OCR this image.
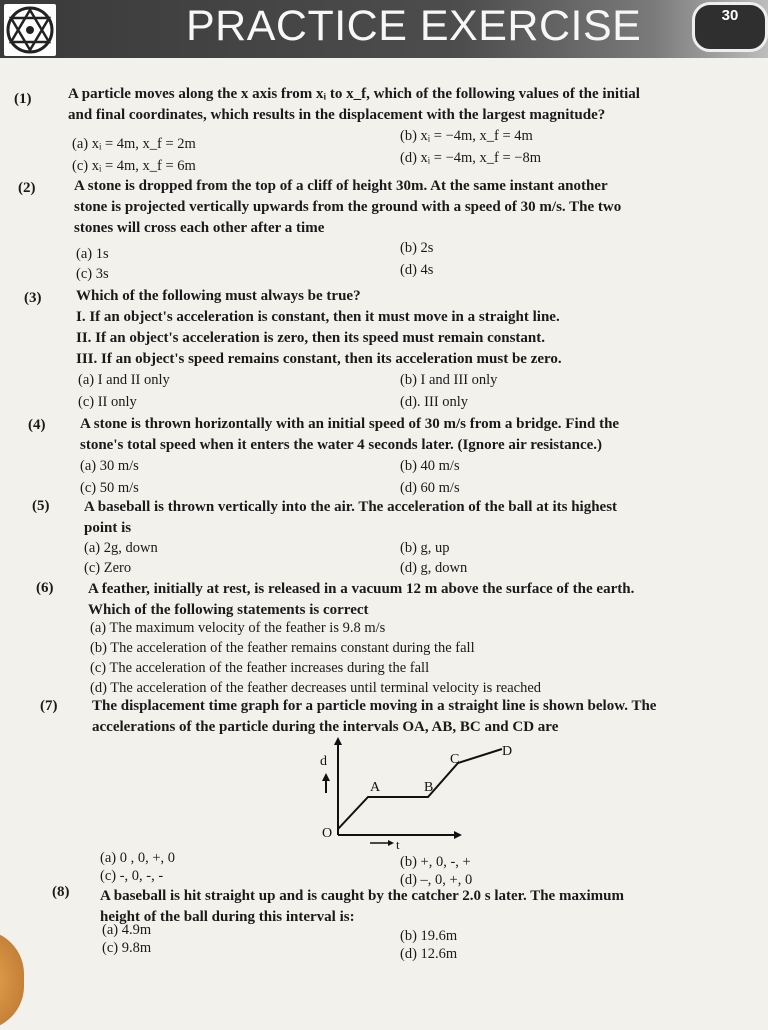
PRACTICE EXERCISE	30
(1) A particle moves along the x axis from xᵢ to x_f, which of the following values of the initial
and final coordinates, which results in the displacement with the largest magnitude?
(a) xᵢ = 4m, x_f = 2m	(b) xᵢ = −4m, x_f = 4m
(c) xᵢ = 4m, x_f = 6m	(d) xᵢ = −4m, x_f = −8m
(2)	A stone is dropped from the top of a cliff of height 30m. At the same instant another
stone is projected vertically upwards from the ground with a speed of 30 m/s. The two
stones will cross each other after a time
(a) 1s	(b) 2s
(c) 3s	(d) 4s
(3) Which of the following must always be true?
I. If an object's acceleration is constant, then it must move in a straight line.
II. If an object's acceleration is zero, then its speed must remain constant.
III. If an object's speed remains constant, then its acceleration must be zero.
(a) I and II only	(b) I and III only
(c) II only	(d). III only
(4) A stone is thrown horizontally with an initial speed of 30 m/s from a bridge. Find the
stone's total speed when it enters the water 4 seconds later. (Ignore air resistance.)
(a) 30 m/s	(b) 40 m/s
(c) 50 m/s	(d) 60 m/s
(5) A baseball is thrown vertically into the air. The acceleration of the ball at its highest
point is
(a) 2g, down	(b) g, up
(c) Zero	(d) g, down
(6) A feather, initially at rest, is released in a vacuum 12 m above the surface of the earth.
Which of the following statements is correct
(a) The maximum velocity of the feather is 9.8 m/s
(b) The acceleration of the feather remains constant during the fall
(c) The acceleration of the feather increases during the fall
(d) The acceleration of the feather decreases until terminal velocity is reached
(7) The displacement time graph for a particle moving in a straight line is shown below. The
accelerations of the particle during the intervals OA, AB, BC and CD are
d
O
A	B
C
D
t
(a) 0 , 0, +, 0	(b) +, 0, -, +
(c) -, 0, -, -	(d) –, 0, +, 0
(8) A baseball is hit straight up and is caught by the catcher 2.0 s later. The maximum
height of the ball during this interval is:
(a) 4.9m	(b) 19.6m
(c) 9.8m	(d) 12.6m
